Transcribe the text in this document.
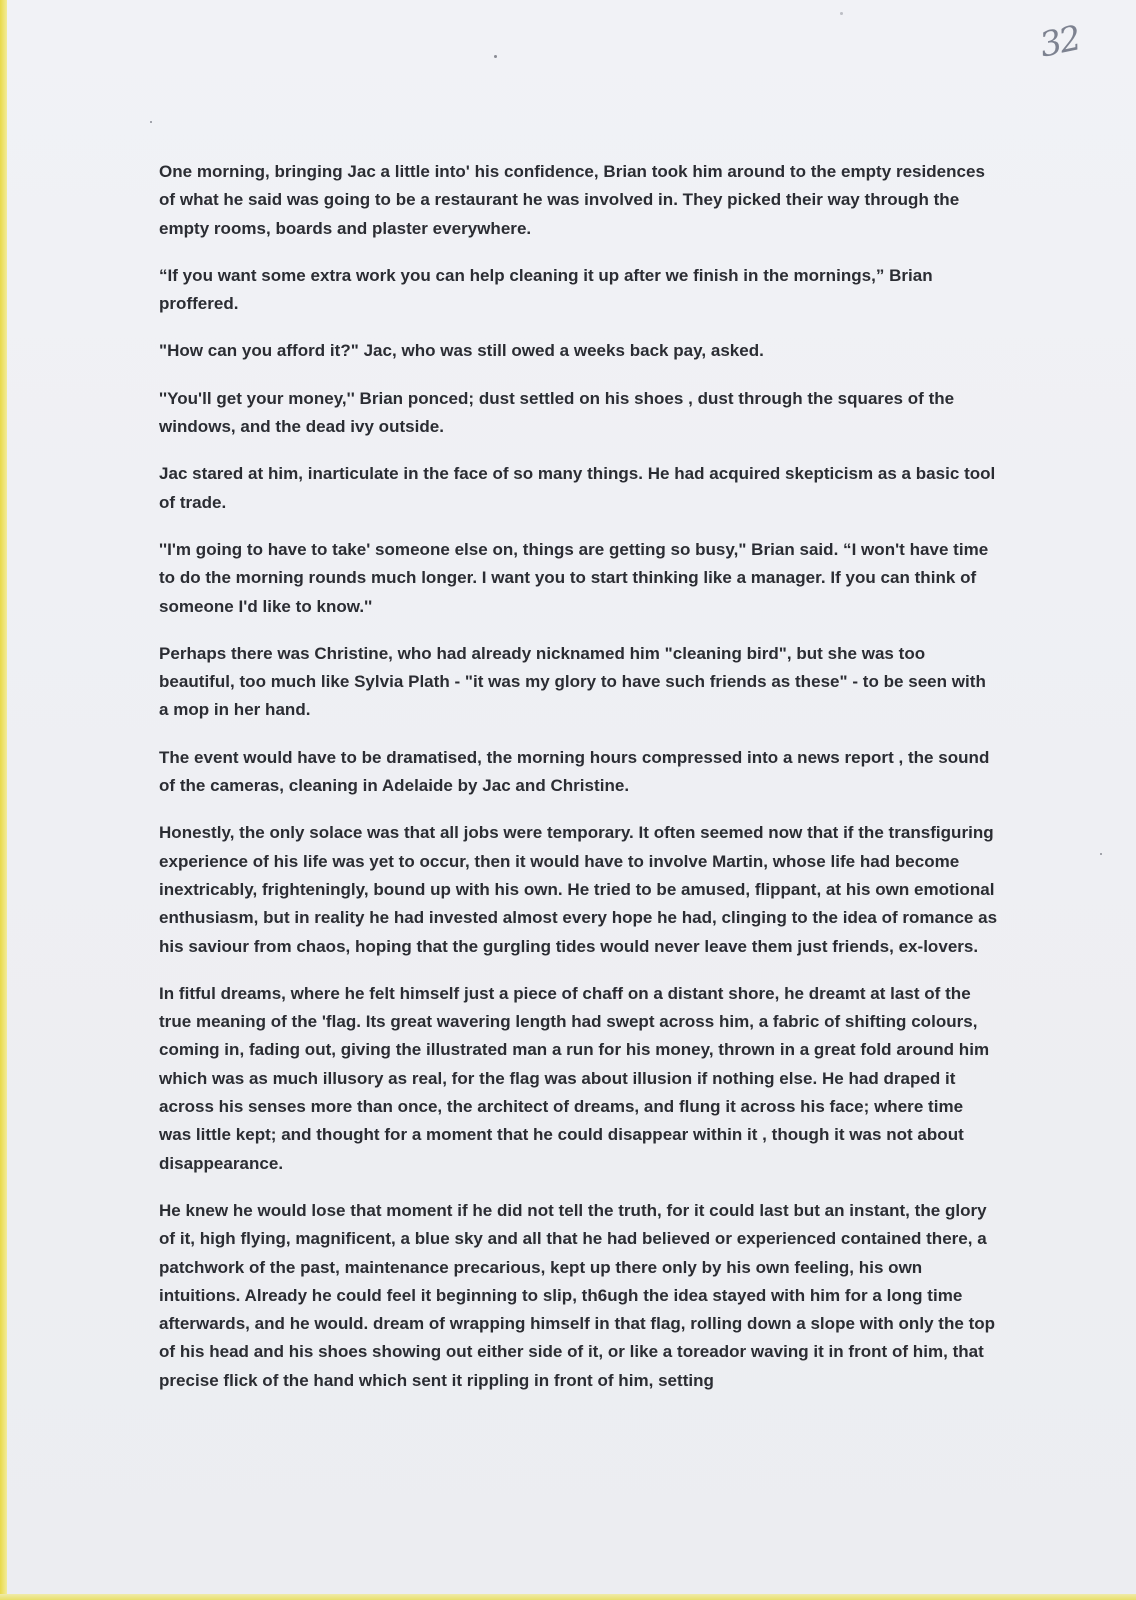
32

One morning, bringing Jac a little into' his confidence, Brian took him around to the empty residences of what he said was going to be a restaurant he was involved in. They picked their way through the empty rooms, boards and plaster everywhere.

“If you want some extra work you can help cleaning it up after we finish in the mornings,” Brian proffered.

"How can you afford it?" Jac, who was still owed a weeks back pay, asked.

''You'll get your money,'' Brian ponced; dust settled on his shoes , dust through the squares of the windows, and the dead ivy outside.

Jac stared at him, inarticulate in the face of so many things. He had acquired skepticism as a basic tool of trade.

''I'm going to have to take' someone else on, things are getting so busy," Brian said. “I won't have time to do the morning rounds much longer. I want you to start thinking like a manager. If you can think of someone I'd like to know.''

Perhaps there was Christine, who had already nicknamed him "cleaning bird", but she was too beautiful, too much like Sylvia Plath - "it was my glory to have such friends as these" - to be seen with a mop in her hand.

The event would have to be dramatised, the morning hours compressed into a news report , the sound of the cameras, cleaning in Adelaide by Jac and Christine.

Honestly, the only solace was that all jobs were temporary. It often seemed now that if the transfiguring experience of his life was yet to occur, then it would have to involve Martin, whose life had become inextricably, frighteningly, bound up with his own. He tried to be amused, flippant, at his own emotional enthusiasm, but in reality he had invested almost every hope he had, clinging to the idea of romance as his saviour from chaos, hoping that the gurgling tides would never leave them just friends, ex-lovers.

In fitful dreams, where he felt himself just a piece of chaff on a distant shore, he dreamt at last of the true meaning of the 'flag. Its great wavering length had swept across him, a fabric of shifting colours, coming in, fading out, giving the illustrated man a run for his money, thrown in a great fold around him which was as much illusory as real, for the flag was about illusion if nothing else. He had draped it across his senses more than once, the architect of dreams, and flung it across his face; where time was little kept; and thought for a moment that he could disappear within it , though it was not about disappearance.

He knew he would lose that moment if he did not tell the truth, for it could last but an instant, the glory of it, high flying, magnificent, a blue sky and all that he had believed or experienced contained there, a patchwork of the past, maintenance precarious, kept up there only by his own feeling, his own intuitions. Already he could feel it beginning to slip, th6ugh the idea stayed with him for a long time afterwards, and he would. dream of wrapping himself in that flag, rolling down a slope with only the top of his head and his shoes showing out either side of it, or like a toreador waving it in front of him, that precise flick of the hand which sent it rippling in front of him, setting
